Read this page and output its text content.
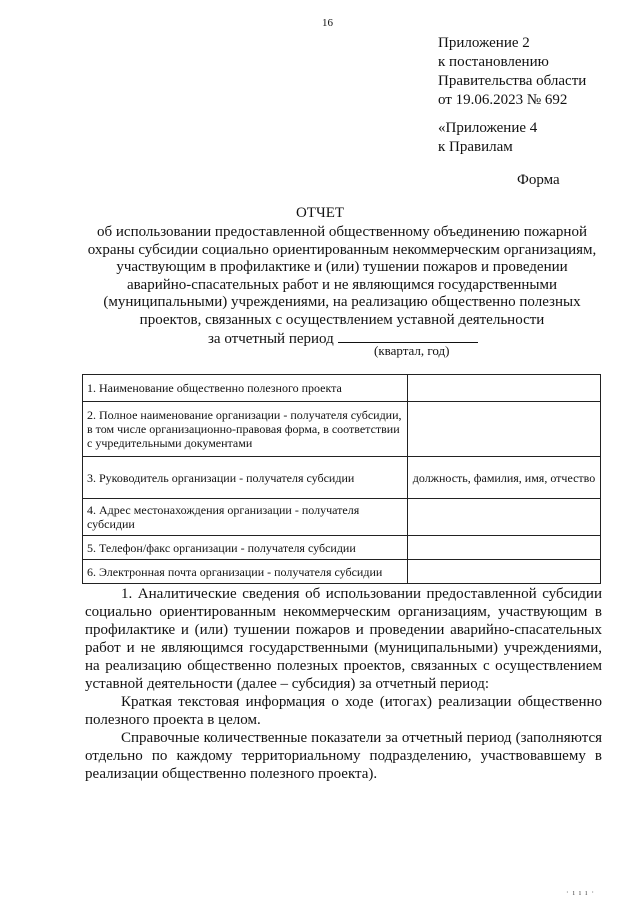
16
Приложение 2
к постановлению
Правительства области
от 19.06.2023 № 692
«Приложение 4
к Правилам
Форма
ОТЧЕТ
об использовании предоставленной общественному объединению пожарной
охраны субсидии социально ориентированным некоммерческим организациям,
участвующим в профилактике и (или) тушении пожаров и проведении
аварийно-спасательных работ и не являющимся государственными
(муниципальными) учреждениями, на реализацию общественно полезных
проектов, связанных с осуществлением уставной деятельности
за отчетный период
(квартал, год)
1. Наименование общественно полезного проекта	
2. Полное наименование организации - получателя субсидии, в том числе организационно-правовая форма, в соответствии с учредительными документами	
3. Руководитель организации - получателя субсидии	должность, фамилия, имя, отчество
4. Адрес местонахождения организации - получателя субсидии	
5. Телефон/факс организации - получателя субсидии	
6. Электронная почта организации - получателя субсидии	

1. Аналитические сведения об использовании предоставленной субсидии социально ориентированным некоммерческим организациям, участвующим в профилактике и (или) тушении пожаров и проведении аварийно-спасательных работ и не являющимся государственными (муниципальными) учреждениями, на реализацию общественно полезных проектов, связанных с осуществлением уставной деятельности (далее – субсидия) за отчетный период:

Краткая текстовая информация о ходе (итогах) реализации общественно полезного проекта в целом.

Справочные количественные показатели за отчетный период (заполняются отдельно по каждому территориальному подразделению, участвовавшему в реализации общественно полезного проекта).

· ı ı ı ·
